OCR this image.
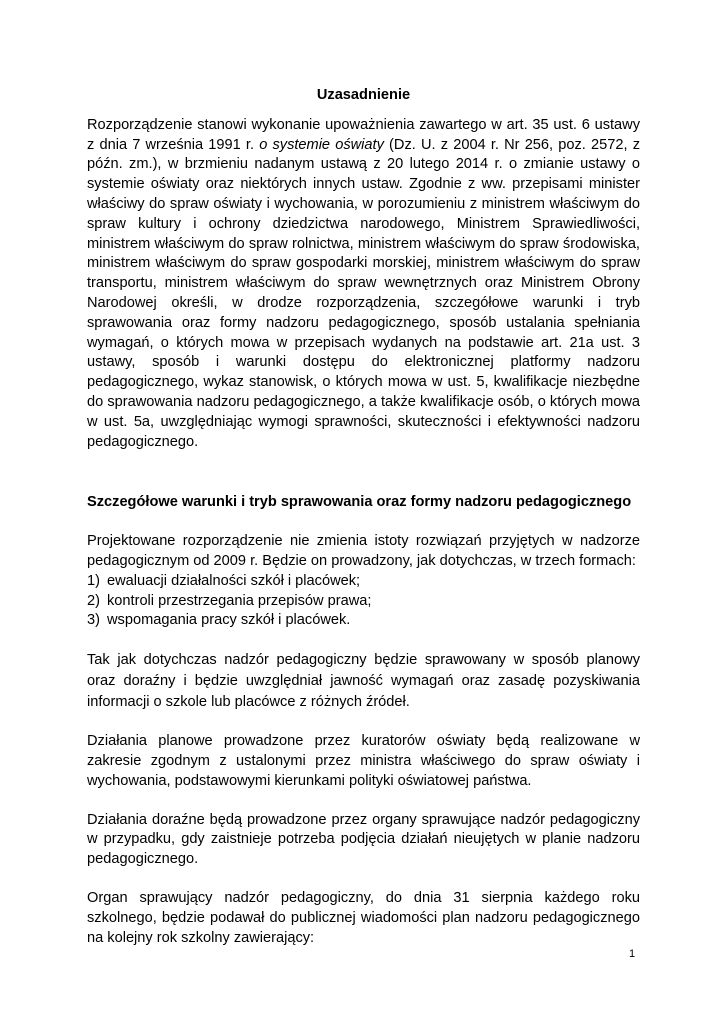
Uzasadnienie

Rozporządzenie stanowi wykonanie upoważnienia zawartego w art. 35 ust. 6 ustawy z dnia 7 września 1991 r. o systemie oświaty (Dz. U. z 2004 r. Nr 256, poz. 2572, z późn. zm.), w brzmieniu nadanym ustawą z 20 lutego 2014 r. o zmianie ustawy o systemie oświaty oraz niektórych innych ustaw. Zgodnie z ww. przepisami minister właściwy do spraw oświaty i wychowania, w porozumieniu z ministrem właściwym do spraw kultury i ochrony dziedzictwa narodowego, Ministrem Sprawiedliwości, ministrem właściwym do spraw rolnictwa, ministrem właściwym do spraw środowiska, ministrem właściwym do spraw gospodarki morskiej, ministrem właściwym do spraw transportu, ministrem właściwym do spraw wewnętrznych oraz Ministrem Obrony Narodowej określi, w drodze rozporządzenia, szczegółowe warunki i tryb sprawowania oraz formy nadzoru pedagogicznego, sposób ustalania spełniania wymagań, o których mowa w przepisach wydanych na podstawie art. 21a ust. 3 ustawy, sposób i warunki dostępu do elektronicznej platformy nadzoru pedagogicznego, wykaz stanowisk, o których mowa w ust. 5, kwalifikacje niezbędne do sprawowania nadzoru pedagogicznego, a także kwalifikacje osób, o których mowa w ust. 5a, uwzględniając wymogi sprawności, skuteczności i efektywności nadzoru pedagogicznego.

Szczegółowe warunki i tryb sprawowania oraz formy nadzoru pedagogicznego

Projektowane rozporządzenie nie zmienia istoty rozwiązań przyjętych w nadzorze pedagogicznym od 2009 r. Będzie on prowadzony, jak dotychczas, w trzech formach:

1) ewaluacji działalności szkół i placówek;
2) kontroli przestrzegania przepisów prawa;
3) wspomagania pracy szkół i placówek.

Tak jak dotychczas nadzór pedagogiczny będzie sprawowany w sposób planowy oraz doraźny i będzie uwzględniał jawność wymagań oraz zasadę pozyskiwania informacji o szkole lub placówce z różnych źródeł.

Działania planowe prowadzone przez kuratorów oświaty będą realizowane w zakresie zgodnym z ustalonymi przez ministra właściwego do spraw oświaty i wychowania, podstawowymi kierunkami polityki oświatowej państwa.

Działania doraźne będą prowadzone przez organy sprawujące nadzór pedagogiczny w przypadku, gdy zaistnieje potrzeba podjęcia działań nieujętych w planie nadzoru pedagogicznego.

Organ sprawujący nadzór pedagogiczny, do dnia 31 sierpnia każdego roku szkolnego, będzie podawał do publicznej wiadomości plan nadzoru pedagogicznego na kolejny rok szkolny zawierający:

1
